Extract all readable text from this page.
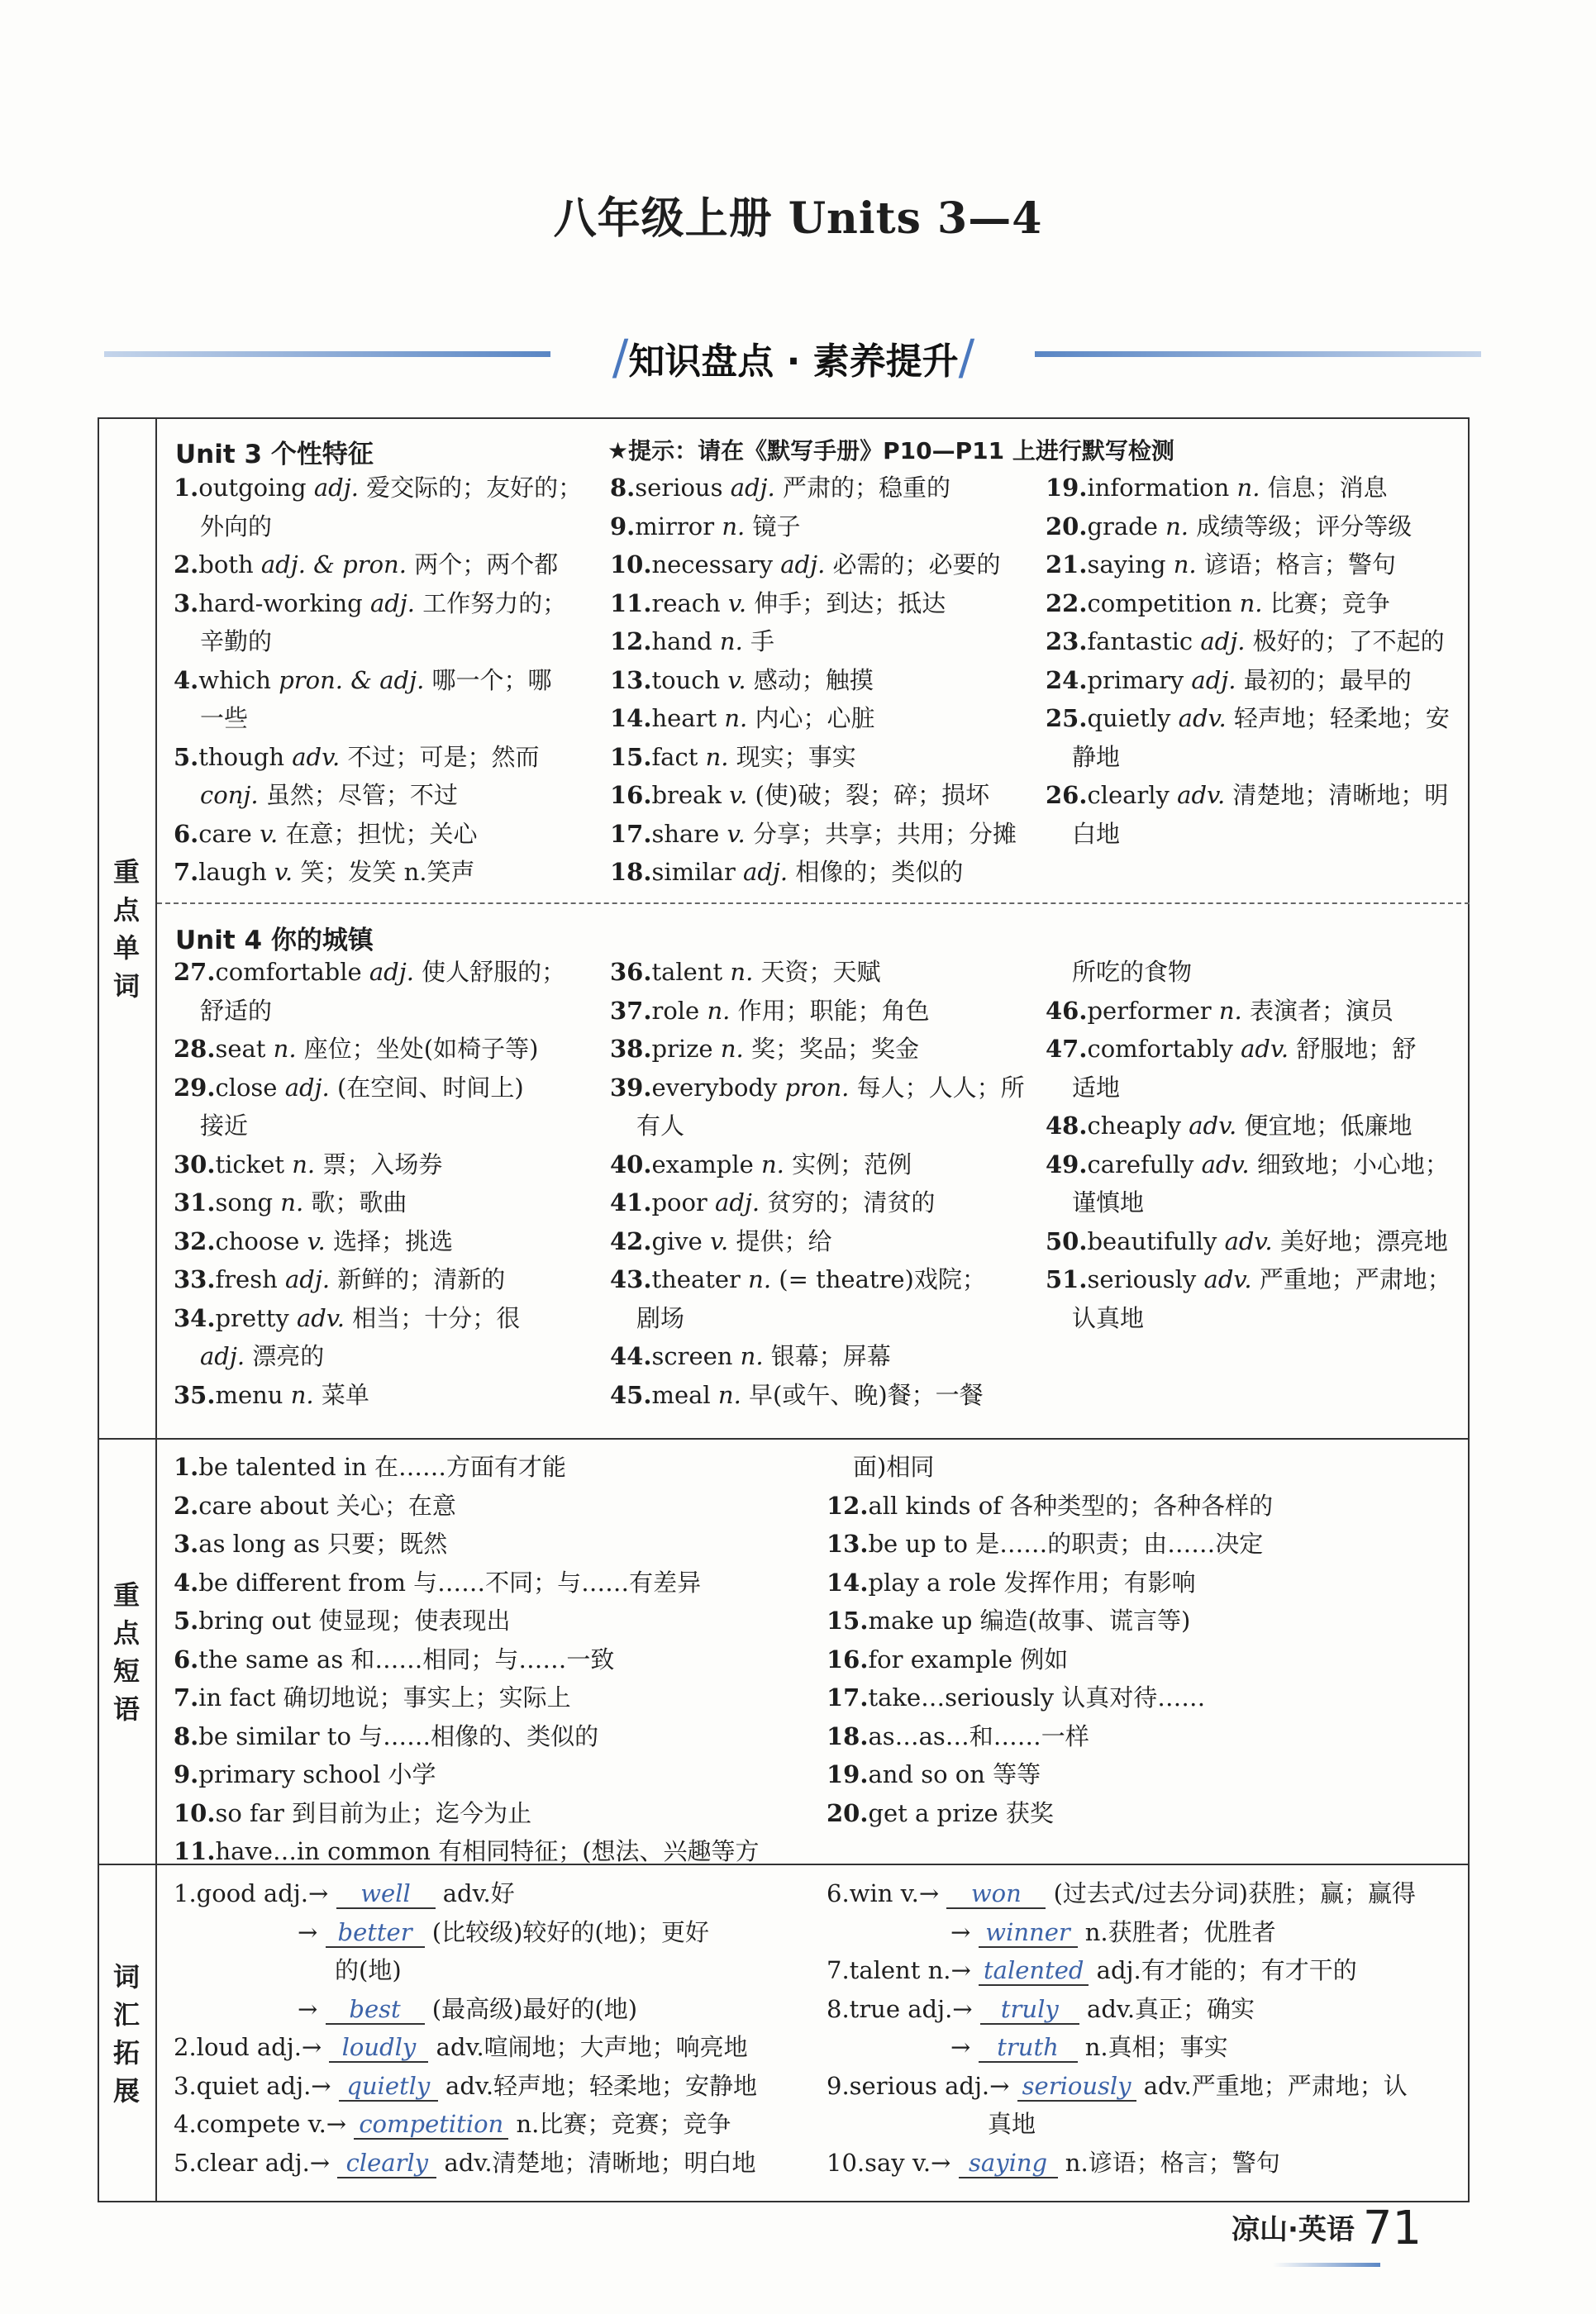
八年级上册 Units 3—4
/知识盘点 · 素养提升/
重
点
单
词
重
点
短
语
词
汇
拓
展
Unit 3 个性特征	★提示：请在《默写手册》P10—P11 上进行默写检测
1.outgoing adj. 爱交际的；友好的；
外向的
2.both adj. & pron. 两个；两个都
3.hard-working adj. 工作努力的；
辛勤的
4.which pron. & adj. 哪一个；哪
一些
5.though adv. 不过；可是；然而
conj. 虽然；尽管；不过
6.care v. 在意；担忧；关心
7.laugh v. 笑；发笑 n.笑声
8.serious adj. 严肃的；稳重的
9.mirror n. 镜子
10.necessary adj. 必需的；必要的
11.reach v. 伸手；到达；抵达
12.hand n. 手
13.touch v. 感动；触摸
14.heart n. 内心；心脏
15.fact n. 现实；事实
16.break v. (使)破；裂；碎；损坏
17.share v. 分享；共享；共用；分摊
18.similar adj. 相像的；类似的
19.information n. 信息；消息
20.grade n. 成绩等级；评分等级
21.saying n. 谚语；格言；警句
22.competition n. 比赛；竞争
23.fantastic adj. 极好的；了不起的
24.primary adj. 最初的；最早的
25.quietly adv. 轻声地；轻柔地；安
静地
26.clearly adv. 清楚地；清晰地；明
白地
Unit 4 你的城镇
27.comfortable adj. 使人舒服的；
舒适的
28.seat n. 座位；坐处(如椅子等)
29.close adj. (在空间、时间上)
接近
30.ticket n. 票；入场券
31.song n. 歌；歌曲
32.choose v. 选择；挑选
33.fresh adj. 新鲜的；清新的
34.pretty adv. 相当；十分；很
adj. 漂亮的
35.menu n. 菜单
36.talent n. 天资；天赋
37.role n. 作用；职能；角色
38.prize n. 奖；奖品；奖金
39.everybody pron. 每人；人人；所
有人
40.example n. 实例；范例
41.poor adj. 贫穷的；清贫的
42.give v. 提供；给
43.theater n. (= theatre)戏院；
剧场
44.screen n. 银幕；屏幕
45.meal n. 早(或午、晚)餐；一餐
所吃的食物
46.performer n. 表演者；演员
47.comfortably adv. 舒服地；舒
适地
48.cheaply adv. 便宜地；低廉地
49.carefully adv. 细致地；小心地；
谨慎地
50.beautifully adv. 美好地；漂亮地
51.seriously adv. 严重地；严肃地；
认真地
1.be talented in 在……方面有才能
2.care about 关心；在意
3.as long as 只要；既然
4.be different from 与……不同；与……有差异
5.bring out 使显现；使表现出
6.the same as 和……相同；与……一致
7.in fact 确切地说；事实上；实际上
8.be similar to 与……相像的、类似的
9.primary school 小学
10.so far 到目前为止；迄今为止
11.have…in common 有相同特征；(想法、兴趣等方
面)相同
12.all kinds of 各种类型的；各种各样的
13.be up to 是……的职责；由……决定
14.play a role 发挥作用；有影响
15.make up 编造(故事、谎言等)
16.for example 例如
17.take…seriously 认真对待……
18.as…as…和……一样
19.and so on 等等
20.get a prize 获奖
1.good adj.→ well adv.好
→ better (比较级)较好的(地)；更好
的(地)
→ best (最高级)最好的(地)
2.loud adj.→ loudly adv.喧闹地；大声地；响亮地
3.quiet adj.→ quietly adv.轻声地；轻柔地；安静地
4.compete v.→ competition n.比赛；竞赛；竞争
5.clear adj.→ clearly adv.清楚地；清晰地；明白地
6.win v.→ won (过去式/过去分词)获胜；赢；赢得
→ winner n.获胜者；优胜者
7.talent n.→ talented adj.有才能的；有才干的
8.true adj.→ truly adv.真正；确实
→ truth n.真相；事实
9.serious adj.→ seriously adv.严重地；严肃地；认
真地
10.say v.→ saying n.谚语；格言；警句
凉山·英语 71
